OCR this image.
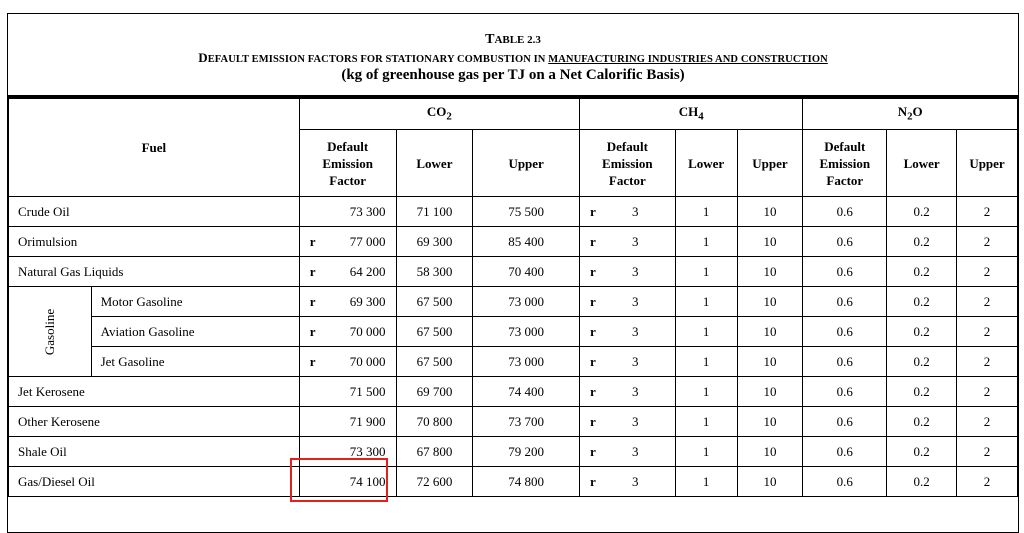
TABLE 2.3
DEFAULT EMISSION FACTORS FOR STATIONARY COMBUSTION IN MANUFACTURING INDUSTRIES AND CONSTRUCTION
(kg of greenhouse gas per TJ on a Net Calorific Basis)
Fuel		$CO_2$			$CH_4$			$N_2O$		
		Default
Emission
Factor	Lower	Upper	Default
Emission
Factor	Lower	Upper	Default
Emission
Factor	Lower	Upper
Crude Oil		73 300	71 100	75 500	r 3	1	10	0.6	0.2	2
Orimulsion		r 77 000	69 300	85 400	r 3	1	10	0.6	0.2	2
Natural Gas Liquids		r 64 200	58 300	70 400	r 3	1	10	0.6	0.2	2

Gasoline	Motor Gasoline	r 69 300	67 500	73 000	r 3	1	10	0.6	0.2	2
	Aviation Gasoline	r 70 000	67 500	73 000	r 3	1	10	0.6	0.2	2
	Jet Gasoline	r 70 000	67 500	73 000	r 3	1	10	0.6	0.2	2
Jet Kerosene		71 500	69 700	74 400	r 3	1	10	0.6	0.2	2
Other Kerosene		71 900	70 800	73 700	r 3	1	10	0.6	0.2	2
Shale Oil		73 300	67 800	79 200	r 3	1	10	0.6	0.2	2
Gas/Diesel Oil		74 100	72 600	74 800	r 3	1	10	0.6	0.2	2
